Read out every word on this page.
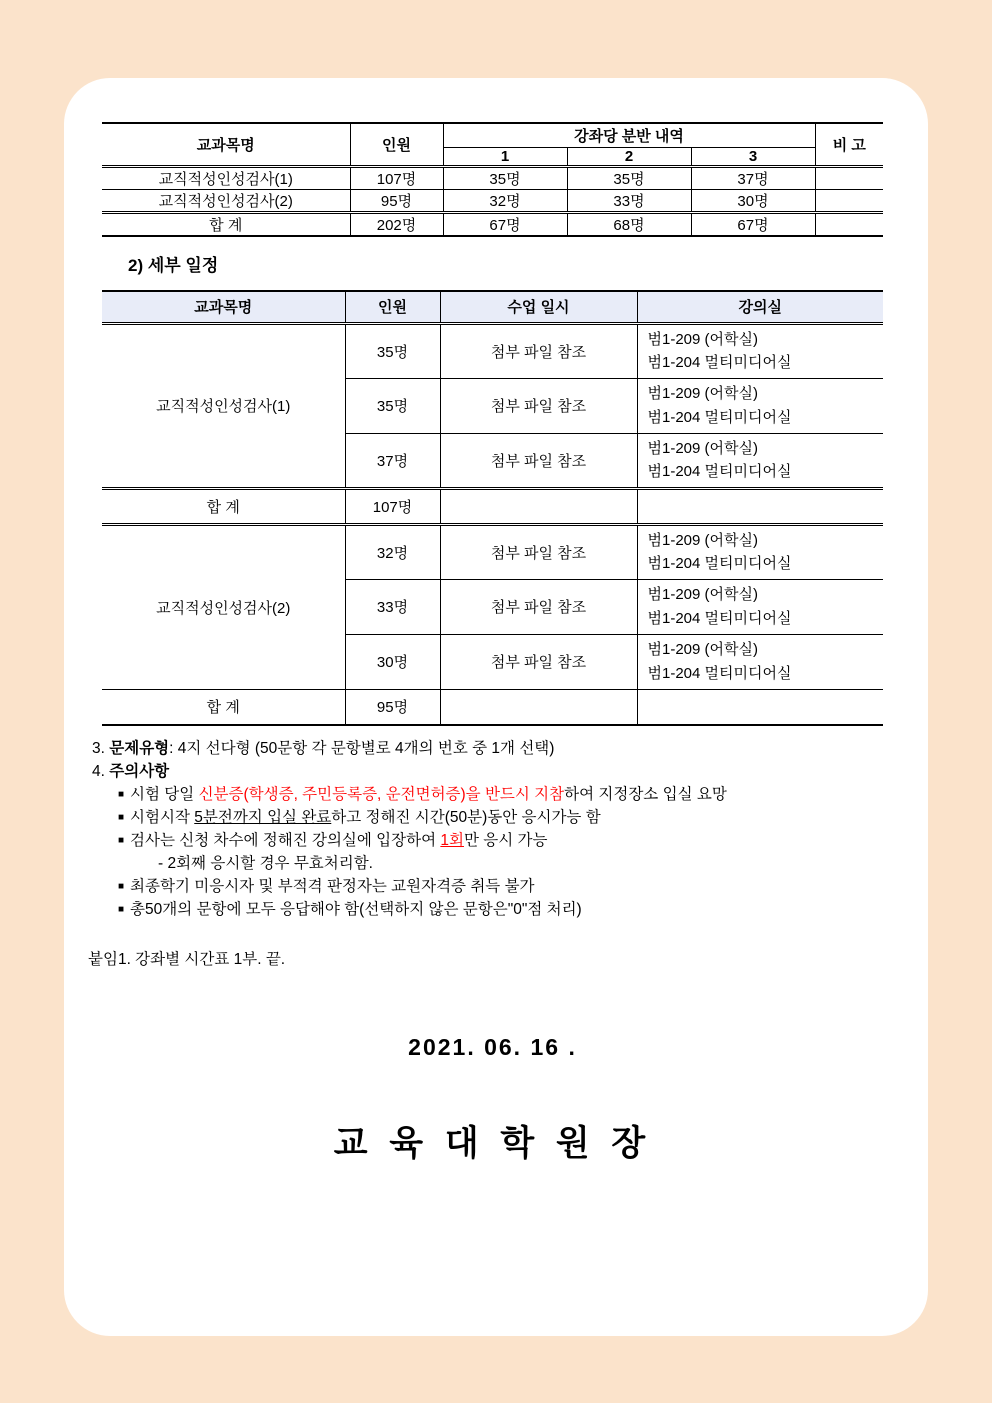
교과목명	인원	강좌당 분반 내역			비 고
		1	2	3	
교직적성인성검사(1)	107명	35명	35명	37명	
교직적성인성검사(2)	95명	32명	33명	30명	
합 계	202명	67명	68명	67명	
2) 세부 일정
교과목명	인원	수업 일시	강의실
교직적성인성검사(1)	35명	첨부 파일 참조	범1-209 (어학실)
범1-204 멀티미디어실

	35명	첨부 파일 참조	범1-209 (어학실)
범1-204 멀티미디어실

	37명	첨부 파일 참조	범1-209 (어학실)
범1-204 멀티미디어실

합 계	107명		
교직적성인성검사(2)	32명	첨부 파일 참조	범1-209 (어학실)
범1-204 멀티미디어실

	33명	첨부 파일 참조	범1-209 (어학실)
범1-204 멀티미디어실

	30명	첨부 파일 참조	범1-209 (어학실)
범1-204 멀티미디어실

합 계	95명		
3. 문제유형: 4지 선다형 (50문항 각 문항별로 4개의 번호 중 1개 선택)
4. 주의사항
■ 시험 당일 신분증(학생증, 주민등록증, 운전면허증)을 반드시 지참하여 지정장소 입실 요망
■ 시험시작 5분전까지 입실 완료하고 정해진 시간(50분)동안 응시가능 함
■ 검사는 신청 차수에 정해진 강의실에 입장하여 1회만 응시 가능
- 2회째 응시할 경우 무효처리함.
■ 최종학기 미응시자 및 부적격 판정자는 교원자격증 취득 불가
■ 총50개의 문항에 모두 응답해야 함(선택하지 않은 문항은"0"점 처리)
붙임1. 강좌별 시간표 1부. 끝.
2021. 06. 16 .
교 육 대 학 원 장
